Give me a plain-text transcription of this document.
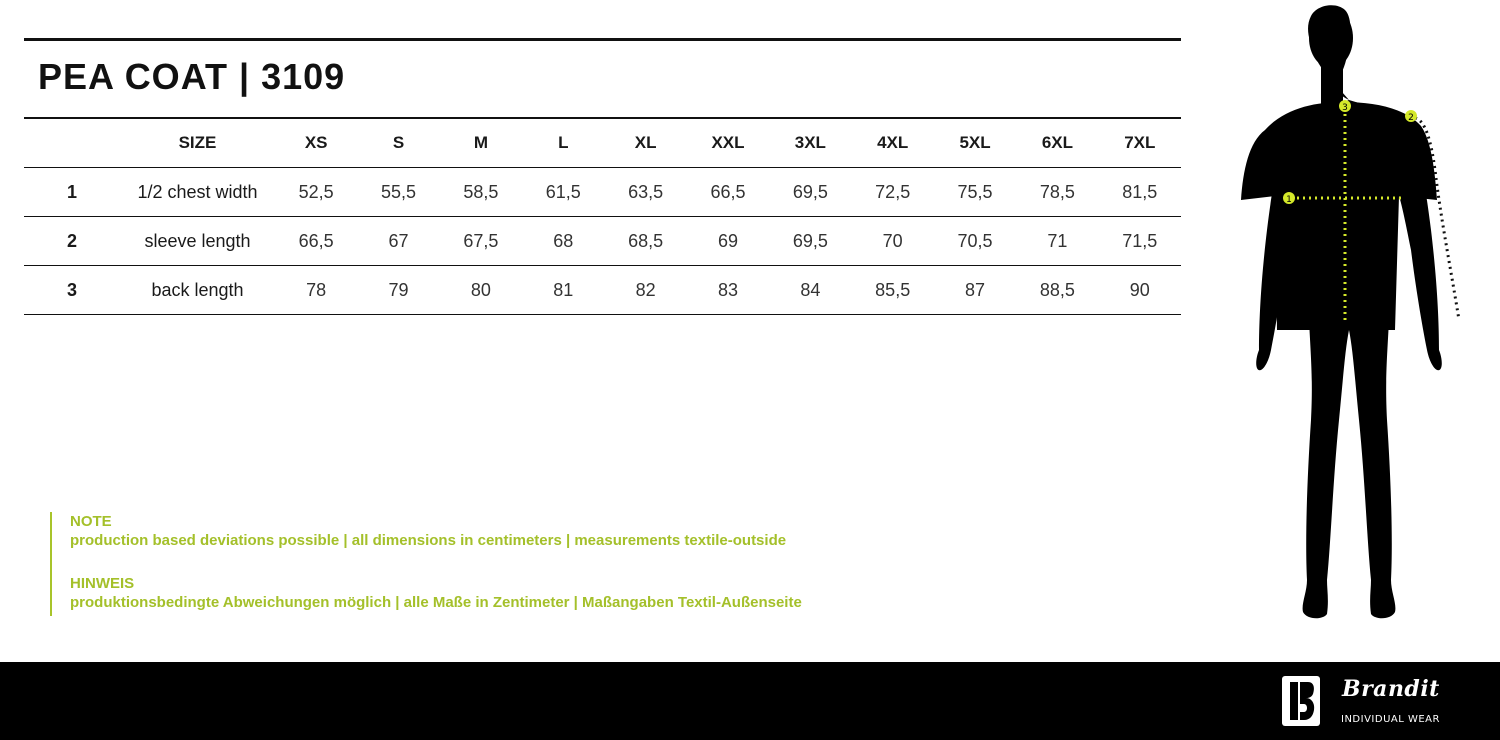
PEA COAT | 3109
	SIZE	XS	S	M	L	XL	XXL	3XL	4XL	5XL	6XL	7XL
1	1/2 chest width	52,5	55,5	58,5	61,5	63,5	66,5	69,5	72,5	75,5	78,5	81,5
2	sleeve length	66,5	67	67,5	68	68,5	69	69,5	70	70,5	71	71,5
3	back length	78	79	80	81	82	83	84	85,5	87	88,5	90
NOTE
production based deviations possible | all dimensions in centimeters | measurements textile-outside
HINWEIS
produktionsbedingte Abweichungen möglich | alle Maße in Zentimeter | Maßangaben Textil-Außenseite
1
2
3
Brandit
INDIVIDUAL WEAR
